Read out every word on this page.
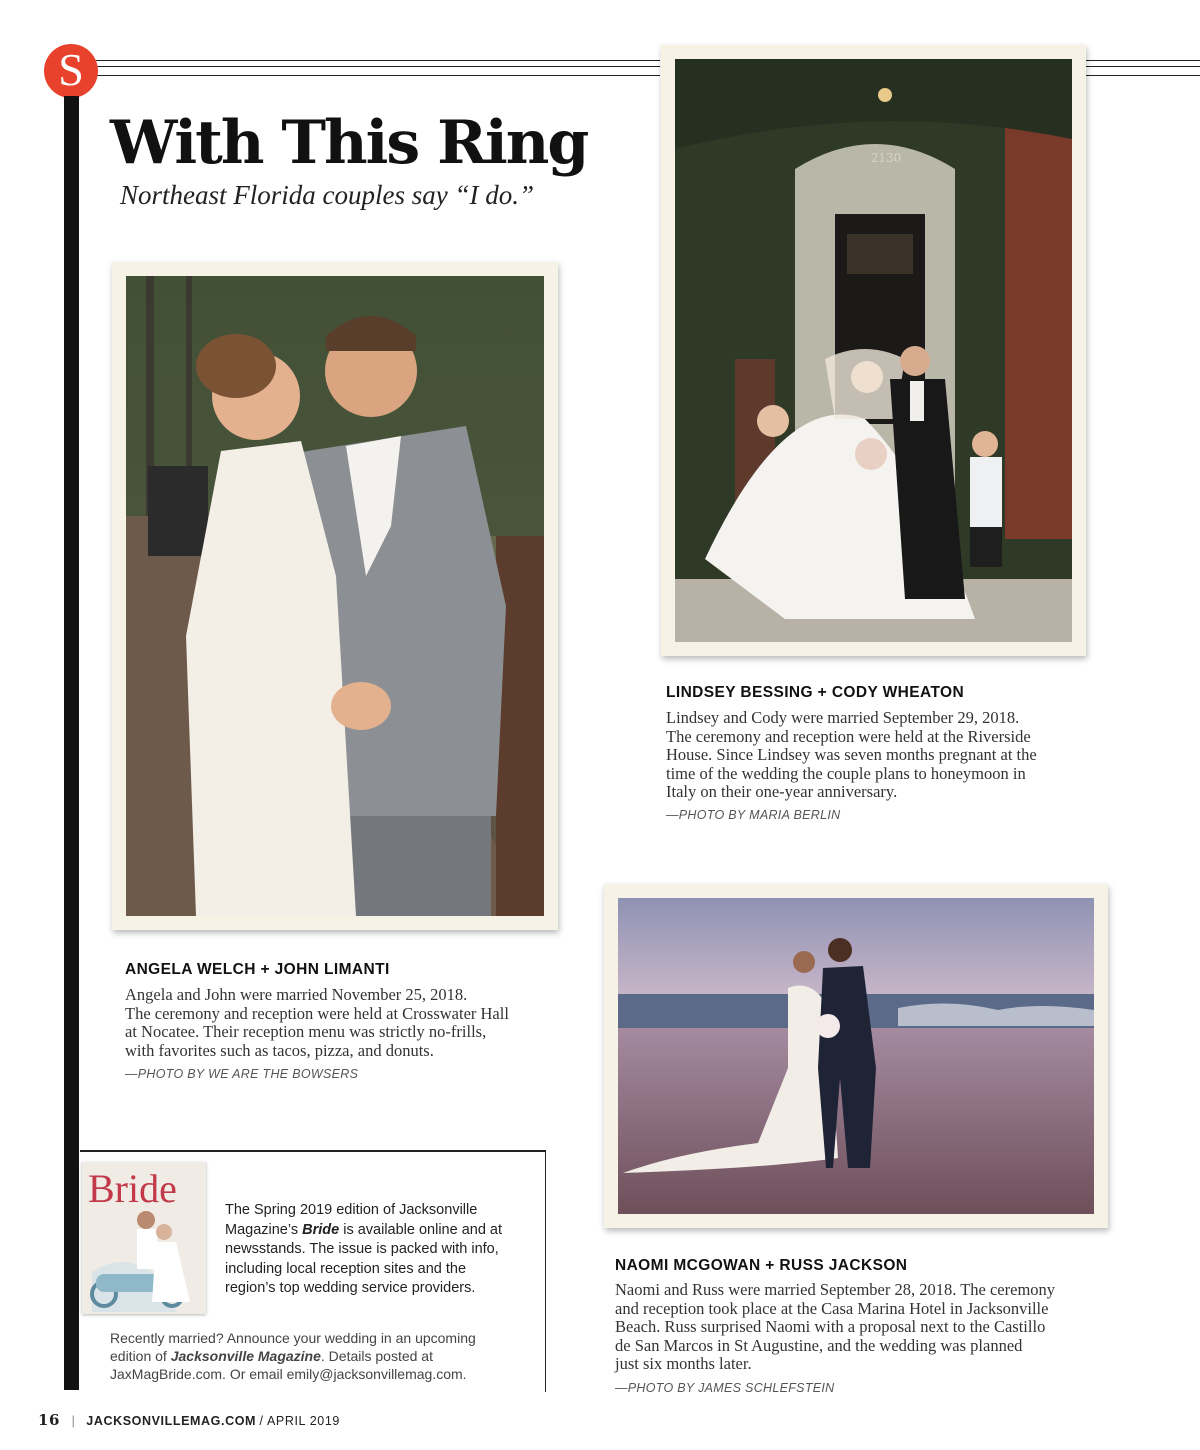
S
With This Ring
Northeast Florida couples say “I do.”
2130
ANGELA WELCH + JOHN LIMANTI
Angela and John were married November 25, 2018.
The ceremony and reception were held at Crosswater Hall
at Nocatee. Their reception menu was strictly no-frills,
with favorites such as tacos, pizza, and donuts.
—PHOTO BY WE ARE THE BOWSERS
LINDSEY BESSING + CODY WHEATON
Lindsey and Cody were married September 29, 2018.
The ceremony and reception were held at the Riverside
House. Since Lindsey was seven months pregnant at the
time of the wedding the couple plans to honeymoon in
Italy on their one-year anniversary.
—PHOTO BY MARIA BERLIN
NAOMI MCGOWAN + RUSS JACKSON
Naomi and Russ were married September 28, 2018. The ceremony
and reception took place at the Casa Marina Hotel in Jacksonville
Beach. Russ surprised Naomi with a proposal next to the Castillo
de San Marcos in St Augustine, and the wedding was planned
just six months later.
—PHOTO BY JAMES SCHLEFSTEIN
Bride	The Spring 2019 edition of Jacksonville
Magazine’s Bride is available online and at
newsstands. The issue is packed with info,
including local reception sites and the
region’s top wedding service providers.
Recently married? Announce your wedding in an upcoming
edition of Jacksonville Magazine. Details posted at
JaxMagBride.com. Or email emily@jacksonvillemag.com.
16 | JACKSONVILLEMAG.COM / APRIL 2019
